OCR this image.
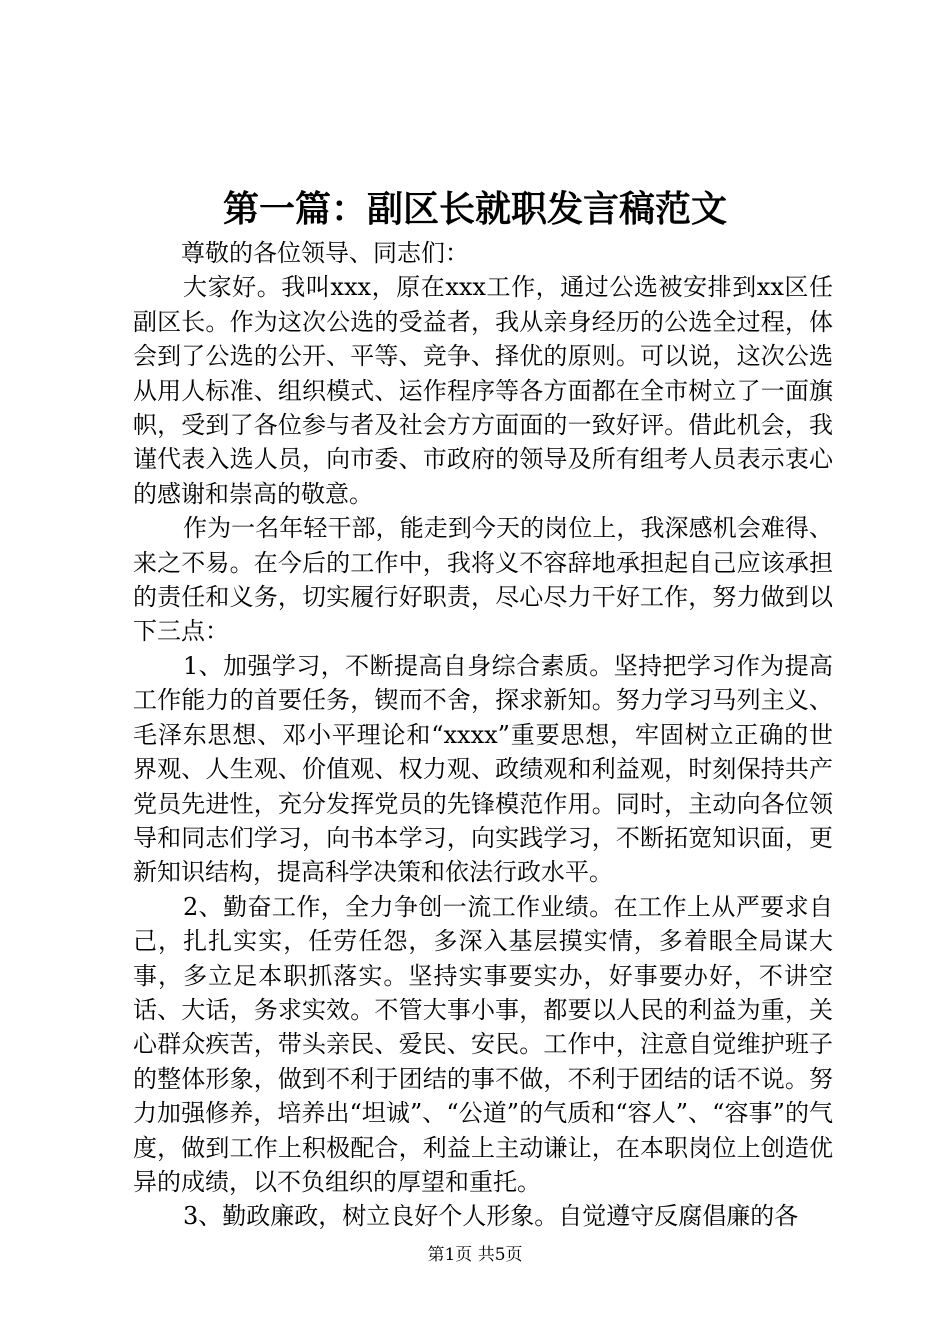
第一篇：副区长就职发言稿范文

尊敬的各位领导、同志们：

大家好。我叫xxx，原在xxx工作，通过公选被安排到xx区任副区长。作为这次公选的受益者，我从亲身经历的公选全过程，体会到了公选的公开、平等、竞争、择优的原则。可以说，这次公选从用人标准、组织模式、运作程序等各方面都在全市树立了一面旗帜，受到了各位参与者及社会方方面面的一致好评。借此机会，我谨代表入选人员，向市委、市政府的领导及所有组考人员表示衷心的感谢和崇高的敬意。

作为一名年轻干部，能走到今天的岗位上，我深感机会难得、来之不易。在今后的工作中，我将义不容辞地承担起自己应该承担的责任和义务，切实履行好职责，尽心尽力干好工作，努力做到以下三点：

1、加强学习，不断提高自身综合素质。坚持把学习作为提高工作能力的首要任务，锲而不舍，探求新知。努力学习马列主义、毛泽东思想、邓小平理论和“xxxx”重要思想，牢固树立正确的世界观、人生观、价值观、权力观、政绩观和利益观，时刻保持共产党员先进性，充分发挥党员的先锋模范作用。同时，主动向各位领导和同志们学习，向书本学习，向实践学习，不断拓宽知识面，更新知识结构，提高科学决策和依法行政水平。

2、勤奋工作，全力争创一流工作业绩。在工作上从严要求自己，扎扎实实，任劳任怨，多深入基层摸实情，多着眼全局谋大事，多立足本职抓落实。坚持实事要实办，好事要办好，不讲空话、大话，务求实效。不管大事小事，都要以人民的利益为重，关心群众疾苦，带头亲民、爱民、安民。工作中，注意自觉维护班子的整体形象，做到不利于团结的事不做，不利于团结的话不说。努力加强修养，培养出“坦诚”、“公道”的气质和“容人”、“容事”的气度，做到工作上积极配合，利益上主动谦让，在本职岗位上创造优异的成绩，以不负组织的厚望和重托。

3、勤政廉政，树立良好个人形象。自觉遵守反腐倡廉的各

第1页 共5页
